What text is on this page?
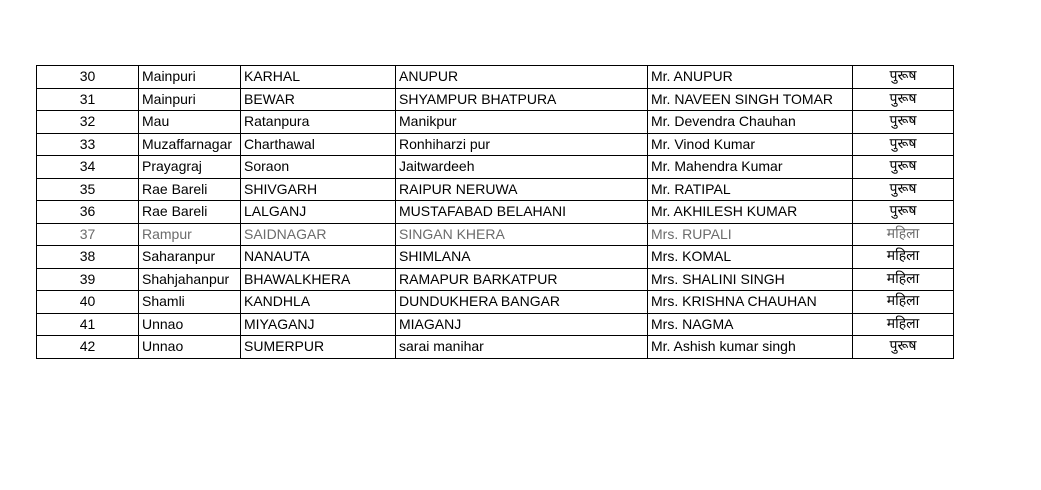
30	Mainpuri	KARHAL	ANUPUR	Mr. ANUPUR	पुरूष
31	Mainpuri	BEWAR	SHYAMPUR BHATPURA	Mr. NAVEEN SINGH TOMAR	पुरूष
32	Mau	Ratanpura	Manikpur	Mr. Devendra Chauhan	पुरूष
33	Muzaffarnagar	Charthawal	Ronhiharzi pur	Mr. Vinod Kumar	पुरूष
34	Prayagraj	Soraon	Jaitwardeeh	Mr. Mahendra Kumar	पुरूष
35	Rae Bareli	SHIVGARH	RAIPUR NERUWA	Mr. RATIPAL	पुरूष
36	Rae Bareli	LALGANJ	MUSTAFABAD BELAHANI	Mr. AKHILESH KUMAR	पुरूष
37	Rampur	SAIDNAGAR	SINGAN KHERA	Mrs. RUPALI	महिला
38	Saharanpur	NANAUTA	SHIMLANA	Mrs. KOMAL	महिला
39	Shahjahanpur	BHAWALKHERA	RAMAPUR BARKATPUR	Mrs. SHALINI SINGH	महिला
40	Shamli	KANDHLA	DUNDUKHERA BANGAR	Mrs. KRISHNA CHAUHAN	महिला
41	Unnao	MIYAGANJ	MIAGANJ	Mrs. NAGMA	महिला
42	Unnao	SUMERPUR	sarai manihar	Mr. Ashish kumar singh	पुरूष
